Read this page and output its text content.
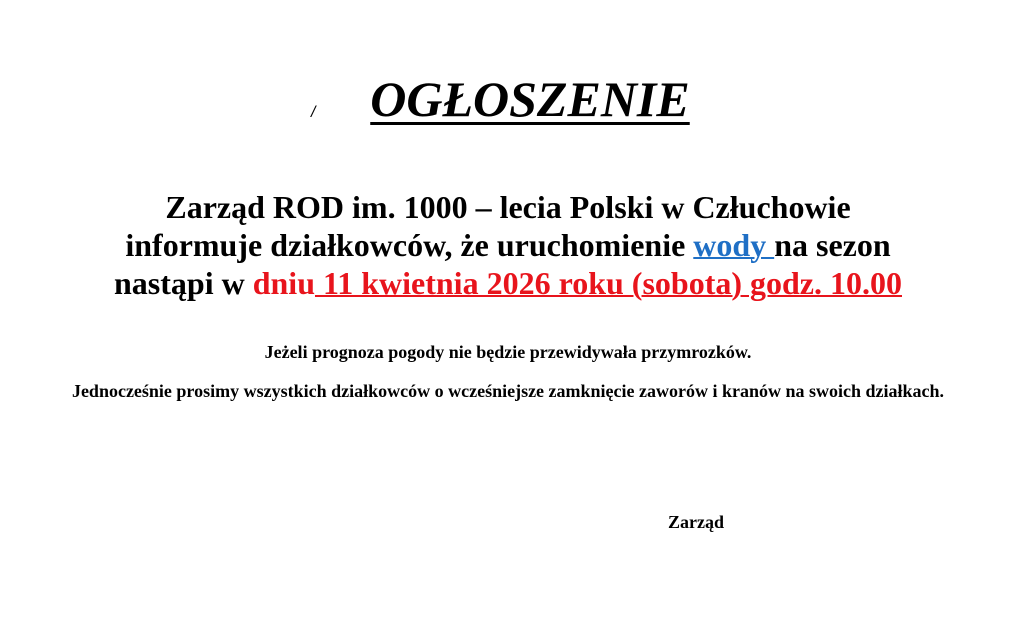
/	OGŁOSZENIE
Zarząd ROD im. 1000 – lecia Polski w Człuchowie
informuje działkowców, że uruchomienie wody na sezon
nastąpi w dniu 11 kwietnia 2026 roku (sobota) godz. 10.00
Jeżeli prognoza pogody nie będzie przewidywała przymrozków.
Jednocześnie prosimy wszystkich działkowców o wcześniejsze zamknięcie zaworów i kranów na swoich działkach.
Zarząd
